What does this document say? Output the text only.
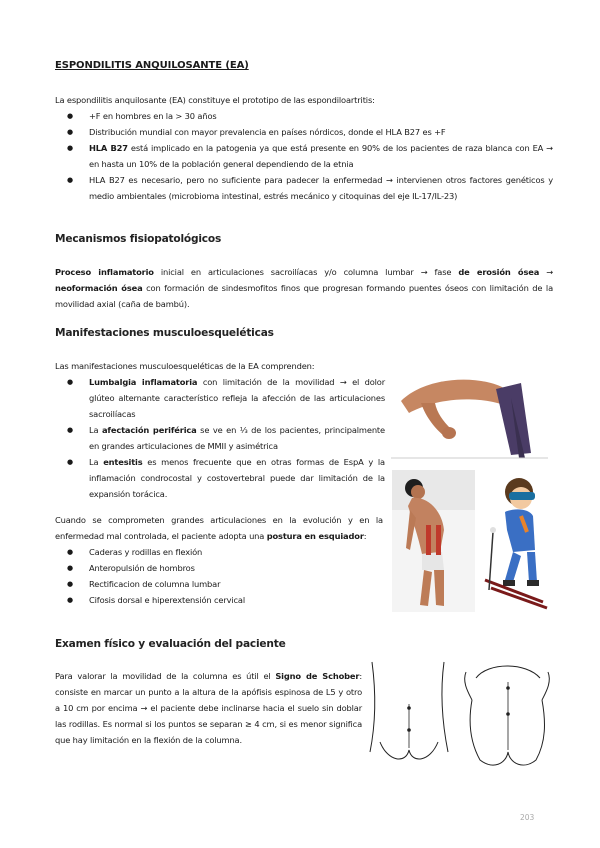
ESPONDILITIS ANQUILOSANTE (EA)
La espondilitis anquilosante (EA) constituye el prototipo de las espondiloartritis:
● +F en hombres en la > 30 años
● Distribución mundial con mayor prevalencia en países nórdicos, donde el HLA B27 es +F
● HLA B27 está implicado en la patogenia ya que está presente en 90% de los pacientes de raza blanca con EA → en hasta un 10% de la población general dependiendo de la etnia
● HLA B27 es necesario, pero no suficiente para padecer la enfermedad → intervienen otros factores genéticos y medio ambientales (microbioma intestinal, estrés mecánico y citoquinas del eje IL-17/IL-23)
Mecanismos fisiopatológicos
Proceso inflamatorio inicial en articulaciones sacroilíacas y/o columna lumbar → fase de erosión ósea → neoformación ósea con formación de sindesmofitos finos que progresan formando puentes óseos con limitación de la movilidad axial (caña de bambú).
Manifestaciones musculoesqueléticas
Las manifestaciones musculoesqueléticas de la EA comprenden:
● Lumbalgia inflamatoria con limitación de la movilidad → el dolor glúteo alternante característico refleja la afección de las articulaciones sacroilíacas
● La afectación periférica se ve en ⅓ de los pacientes, principalmente en grandes articulaciones de MMII y asimétrica
● La entesitis es menos frecuente que en otras formas de EspA y la inflamación condrocostal y costovertebral puede dar limitación de la expansión torácica.
Cuando se comprometen grandes articulaciones en la evolución y en la enfermedad mal controlada, el paciente adopta una postura en esquiador:
● Caderas y rodillas en flexión
● Anteropulsión de hombros
● Rectificacion de columna lumbar
● Cifosis dorsal e hiperextensión cervical
Examen físico y evaluación del paciente
Para valorar la movilidad de la columna es útil el Signo de Schober: consiste en marcar un punto a la altura de la apófisis espinosa de L5 y otro a 10 cm por encima → el paciente debe inclinarse hacia el suelo sin doblar las rodillas. Es normal si los puntos se separan ≥ 4 cm, si es menor significa que hay limitación en la flexión de la columna.
203
